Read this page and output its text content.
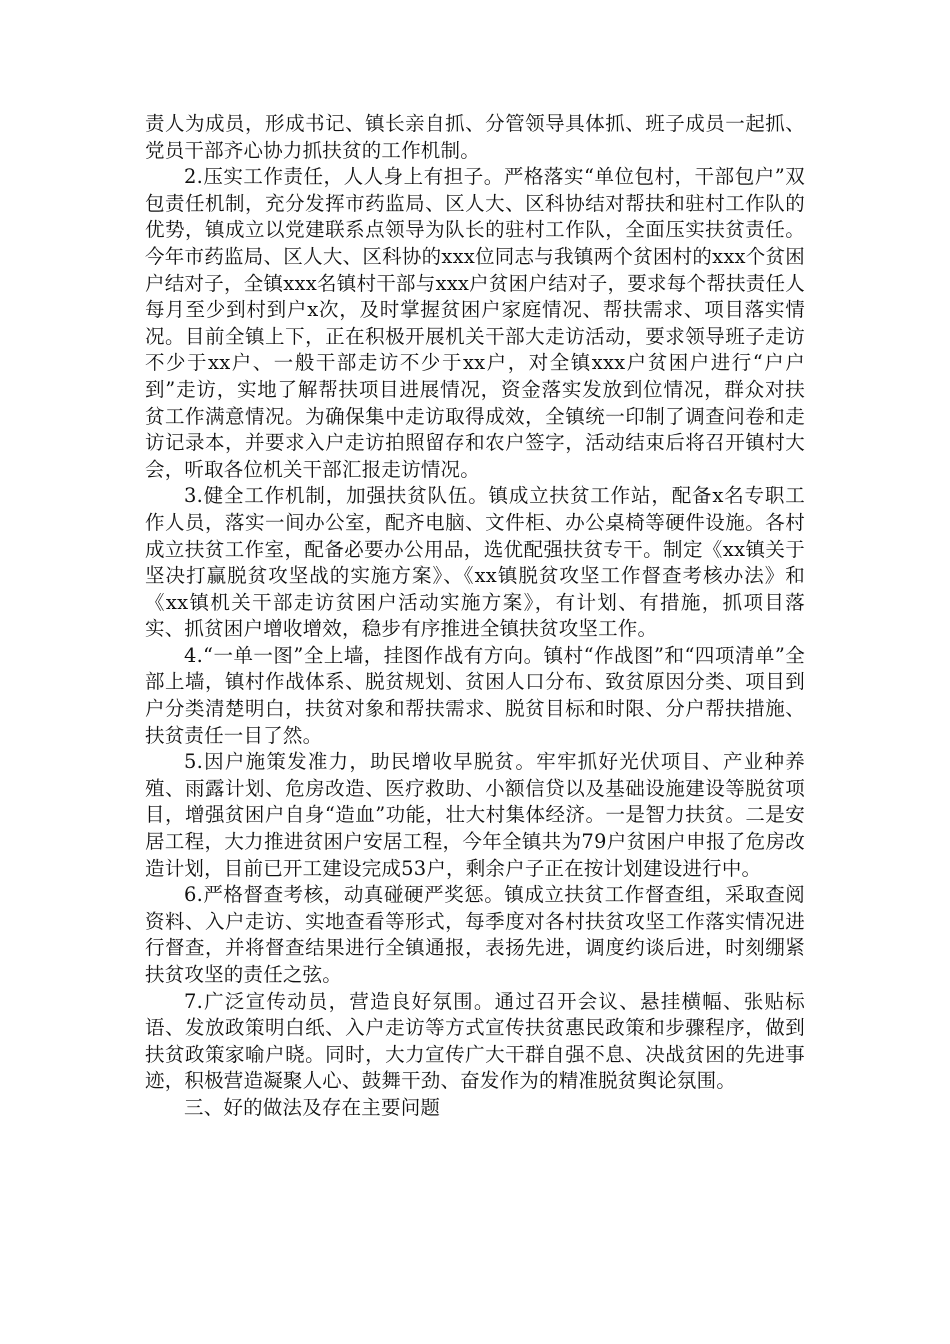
责人为成员，形成书记、镇长亲自抓、分管领导具体抓、班子成员一起抓、党员干部齐心协力抓扶贫的工作机制。

2.压实工作责任，人人身上有担子。严格落实“单位包村，干部包户”双包责任机制，充分发挥市药监局、区人大、区科协结对帮扶和驻村工作队的优势，镇成立以党建联系点领导为队长的驻村工作队，全面压实扶贫责任。今年市药监局、区人大、区科协的xxx位同志与我镇两个贫困村的xxx个贫困户结对子，全镇xxx名镇村干部与xxx户贫困户结对子，要求每个帮扶责任人每月至少到村到户x次，及时掌握贫困户家庭情况、帮扶需求、项目落实情况。目前全镇上下，正在积极开展机关干部大走访活动，要求领导班子走访不少于xx户、一般干部走访不少于xx户，对全镇xxx户贫困户进行“户户到”走访，实地了解帮扶项目进展情况，资金落实发放到位情况，群众对扶贫工作满意情况。为确保集中走访取得成效，全镇统一印制了调查问卷和走访记录本，并要求入户走访拍照留存和农户签字，活动结束后将召开镇村大会，听取各位机关干部汇报走访情况。

3.健全工作机制，加强扶贫队伍。镇成立扶贫工作站，配备x名专职工作人员，落实一间办公室，配齐电脑、文件柜、办公桌椅等硬件设施。各村成立扶贫工作室，配备必要办公用品，选优配强扶贫专干。制定《xx镇关于坚决打赢脱贫攻坚战的实施方案》、《xx镇脱贫攻坚工作督查考核办法》和《xx镇机关干部走访贫困户活动实施方案》，有计划、有措施，抓项目落实、抓贫困户增收增效，稳步有序推进全镇扶贫攻坚工作。

4.“一单一图”全上墙，挂图作战有方向。镇村“作战图”和“四项清单”全部上墙，镇村作战体系、脱贫规划、贫困人口分布、致贫原因分类、项目到户分类清楚明白，扶贫对象和帮扶需求、脱贫目标和时限、分户帮扶措施、扶贫责任一目了然。

5.因户施策发准力，助民增收早脱贫。牢牢抓好光伏项目、产业种养殖、雨露计划、危房改造、医疗救助、小额信贷以及基础设施建设等脱贫项目，增强贫困户自身“造血”功能，壮大村集体经济。一是智力扶贫。二是安居工程，大力推进贫困户安居工程，今年全镇共为79户贫困户申报了危房改造计划，目前已开工建设完成53户，剩余户子正在按计划建设进行中。

6.严格督查考核，动真碰硬严奖惩。镇成立扶贫工作督查组，采取查阅资料、入户走访、实地查看等形式，每季度对各村扶贫攻坚工作落实情况进行督查，并将督查结果进行全镇通报，表扬先进，调度约谈后进，时刻绷紧扶贫攻坚的责任之弦。

7.广泛宣传动员，营造良好氛围。通过召开会议、悬挂横幅、张贴标语、发放政策明白纸、入户走访等方式宣传扶贫惠民政策和步骤程序，做到扶贫政策家喻户晓。同时，大力宣传广大干群自强不息、决战贫困的先进事迹，积极营造凝聚人心、鼓舞干劲、奋发作为的精准脱贫舆论氛围。

三、好的做法及存在主要问题
